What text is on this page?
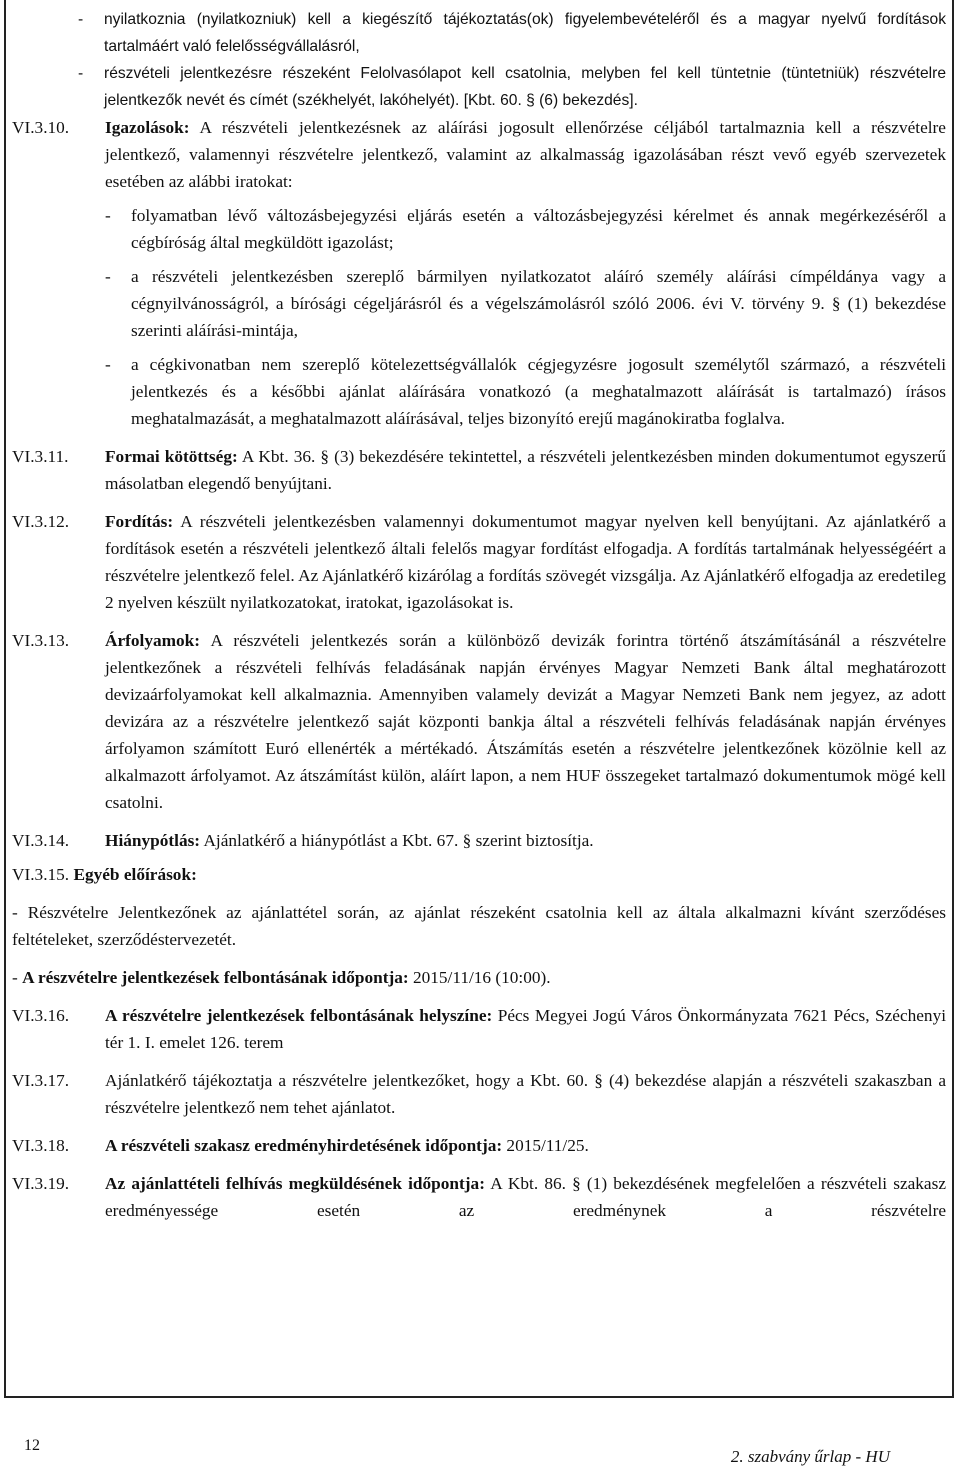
-	nyilatkoznia (nyilatkozniuk) kell a kiegészítő tájékoztatás(ok) figyelembevételéről és a magyar nyelvű fordítások tartalmáért való felelősségvállalásról,
-	részvételi jelentkezésre részeként Felolvasólapot kell csatolnia, melyben fel kell tüntetnie (tüntetniük) részvételre jelentkezők nevét és címét (székhelyét, lakóhelyét). [Kbt. 60. § (6) bekezdés].
VI.3.10.	Igazolások: A részvételi jelentkezésnek az aláírási jogosult ellenőrzése céljából tartalmaznia kell a részvételre jelentkező, valamennyi részvételre jelentkező, valamint az alkalmasság igazolásában részt vevő egyéb szervezetek esetében az alábbi iratokat:
-	folyamatban lévő változásbejegyzési eljárás esetén a változásbejegyzési kérelmet és annak megérkezéséről a cégbíróság által megküldött igazolást;
-	a részvételi jelentkezésben szereplő bármilyen nyilatkozatot aláíró személy aláírási címpéldánya vagy a cégnyilvánosságról, a bírósági cégeljárásról és a végelszámolásról szóló 2006. évi V. törvény 9. § (1) bekezdése szerinti aláírási-mintája,
-	a cégkivonatban nem szereplő kötelezettségvállalók cégjegyzésre jogosult személytől származó, a részvételi jelentkezés és a későbbi ajánlat aláírására vonatkozó (a meghatalmazott aláírását is tartalmazó) írásos meghatalmazását, a meghatalmazott aláírásával, teljes bizonyító erejű magánokiratba foglalva.
VI.3.11.	Formai kötöttség: A Kbt. 36. § (3) bekezdésére tekintettel, a részvételi jelentkezésben minden dokumentumot egyszerű másolatban elegendő benyújtani.
VI.3.12.	Fordítás: A részvételi jelentkezésben valamennyi dokumentumot magyar nyelven kell benyújtani. Az ajánlatkérő a fordítások esetén a részvételi jelentkező általi felelős magyar fordítást elfogadja. A fordítás tartalmának helyességéért a részvételre jelentkező felel. Az Ajánlatkérő kizárólag a fordítás szövegét vizsgálja. Az Ajánlatkérő elfogadja az eredetileg 2 nyelven készült nyilatkozatokat, iratokat, igazolásokat is.
VI.3.13.	Árfolyamok: A részvételi jelentkezés során a különböző devizák forintra történő átszámításánál a részvételre jelentkezőnek a részvételi felhívás feladásának napján érvényes Magyar Nemzeti Bank által meghatározott devizaárfolyamokat kell alkalmaznia. Amennyiben valamely devizát a Magyar Nemzeti Bank nem jegyez, az adott devizára az a részvételre jelentkező saját központi bankja által a részvételi felhívás feladásának napján érvényes árfolyamon számított Euró ellenérték a mértékadó. Átszámítás esetén a részvételre jelentkezőnek közölnie kell az alkalmazott árfolyamot. Az átszámítást külön, aláírt lapon, a nem HUF összegeket tartalmazó dokumentumok mögé kell csatolni.
VI.3.14.	Hiánypótlás: Ajánlatkérő a hiánypótlást a Kbt. 67. § szerint biztosítja.
VI.3.15. Egyéb előírások:
- Részvételre Jelentkezőnek az ajánlattétel során, az ajánlat részeként csatolnia kell az általa alkalmazni kívánt szerződéses feltételeket, szerződéstervezetét.
- A részvételre jelentkezések felbontásának időpontja: 2015/11/16 (10:00).
VI.3.16.	A részvételre jelentkezések felbontásának helyszíne: Pécs Megyei Jogú Város Önkormányzata 7621 Pécs, Széchenyi tér 1. I. emelet 126. terem
VI.3.17.	Ajánlatkérő tájékoztatja a részvételre jelentkezőket, hogy a Kbt. 60. § (4) bekezdése alapján a részvételi szakaszban a részvételre jelentkező nem tehet ajánlatot.
VI.3.18.	A részvételi szakasz eredményhirdetésének időpontja: 2015/11/25.
VI.3.19.	Az ajánlattételi felhívás megküldésének időpontja: A Kbt. 86. § (1) bekezdésének megfelelően a részvételi szakasz eredményessége esetén az eredménynek a részvételre
12
2. szabvány űrlap - HU
